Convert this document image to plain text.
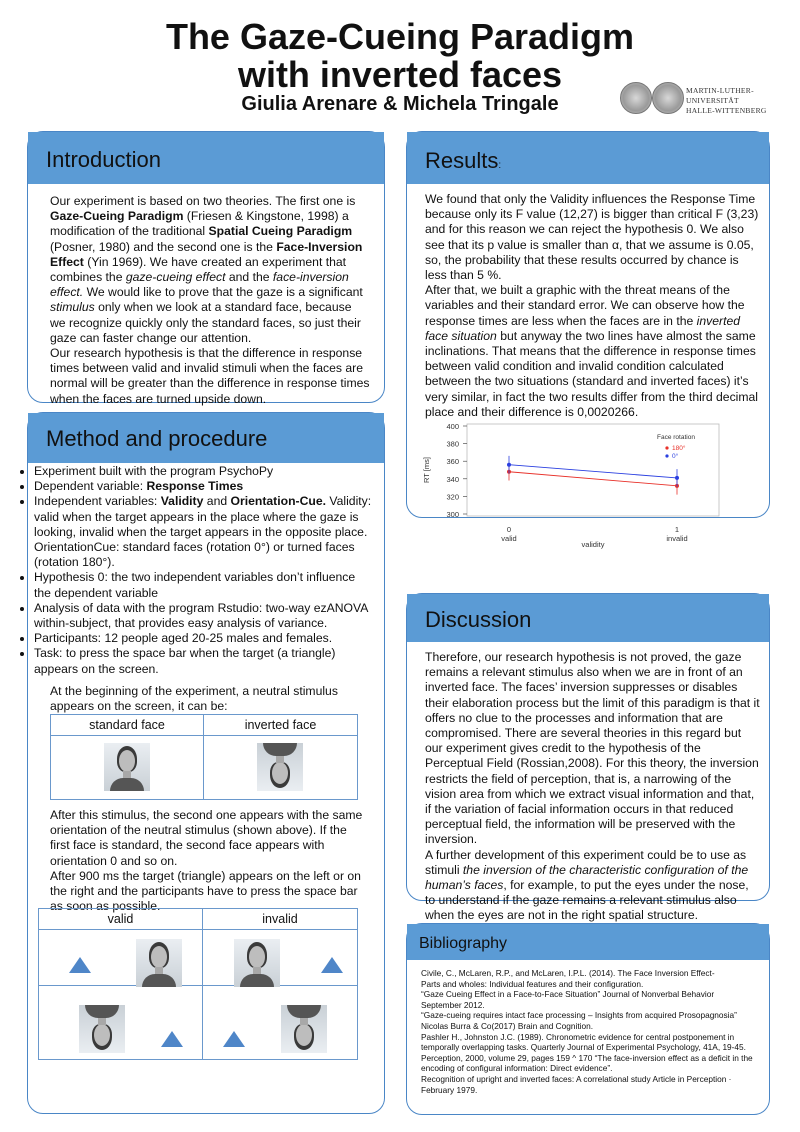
The Gaze-Cueing Paradigm
with inverted faces
Giulia Arenare & Michela Tringale
MARTIN-LUTHER-UNIVERSITÄT
HALLE-WITTENBERG
Introduction

Our experiment is based on two theories. The first one is Gaze-Cueing Paradigm (Friesen & Kingstone, 1998) a modification of the traditional Spatial Cueing Paradigm (Posner, 1980) and the second one is the Face-Inversion Effect (Yin 1969). We have created an experiment that combines the gaze-cueing effect and the face-inversion effect. We would like to prove that the gaze is a significant stimulus only when we look at a standard face, because we recognize quickly only the standard faces, so just their gaze can faster change our attention.

Our research hypothesis is that the difference in response times between valid and invalid stimuli when the faces are normal will be greater than the difference in response times when the faces are turned upside down.

Method and procedure
• Experiment built with the program PsychoPy
• Dependent variable: Response Times
• Independent variables: Validity and Orientation-Cue. Validity: valid when the target appears in the place where the gaze is looking, invalid when the target appears in the opposite place. OrientationCue: standard faces (rotation 0°) or turned faces (rotation 180°).
• Hypothesis 0: the two independent variables don’t influence the dependent variable
• Analysis of data with the program Rstudio: two-way ezANOVA within-subject, that provides easy analysis of variance.
• Participants: 12 people aged 20-25 males and females.
• Task: to press the space bar when the target (a triangle) appears on the screen.
At the beginning of the experiment, a neutral stimulus appears on the screen, it can be:
standard face	inverted face

After this stimulus, the second one appears with the same orientation of the neutral stimulus (shown above). If the first face is standard, the second face appears with orientation 0 and so on.

After 900 ms the target (triangle) appears on the left or on the right and the participants have to press the space bar as soon as possible.

valid	invalid
Results:

We found that only the Validity influences the Response Time because only its F value (12,27) is bigger than critical F (3,23) and for this reason we can reject the hypothesis 0. We also see that its p value is smaller than α, that we assume is 0.05, so, the probability that these results occurred by chance is less than 5 %.

After that, we built a graphic with the threat means of the variables and their standard error. We can observe how the response times are less when the faces are in the inverted face situation but anyway the two lines have almost the same inclinations. That means that the difference in response times between valid condition and invalid condition calculated between the two situations (standard and inverted faces) it’s very similar, in fact the two results differ from the third decimal place and their difference is 0,0020266.

300
320
340
360
380
400
RT [ms]
0
valid
1
invalid
validity
Face rotation
180°
0°
Discussion

Therefore, our research hypothesis is not proved, the gaze remains a relevant stimulus also when we are in front of an inverted face. The faces’ inversion suppresses or disables their elaboration process but the limit of this paradigm is that it offers no clue to the processes and information that are compromised. There are several theories in this regard but our experiment gives credit to the hypothesis of the Perceptual Field (Rossian,2008). For this theory, the inversion restricts the field of perception, that is, a narrowing of the vision area from which we extract visual information and that, if the variation of facial information occurs in that reduced perceptual field, the information will be preserved with the inversion.

A further development of this experiment could be to use as stimuli the inversion of the characteristic configuration of the human’s faces, for example, to put the eyes under the nose, to understand if the gaze remains a relevant stimulus also when the eyes are not in the right spatial structure.

Bibliography
Civile, C., McLaren, R.P., and McLaren, I.P.L. (2014). The Face Inversion Effect-
Parts and wholes: Individual features and their configuration.
“Gaze Cueing Effect in a Face-to-Face Situation” Journal of Nonverbal Behavior
September 2012.
“Gaze-cueing requires intact face processing – Insights from acquired Prosopagnosia”
Nicolas Burra & Co(2017) Brain and Cognition.
Pashler H., Johnston J.C. (1989). Chronometric evidence for central postponement in
temporally overlapping tasks. Quarterly Journal of Experimental Psychology, 41A, 19-45.
Perception, 2000, volume 29, pages 159 ^ 170 “The face-inversion effect as a deficit in the
encoding of configural information: Direct evidence”.
Recognition of upright and inverted faces: A correlational study Article in Perception ·
February 1979.
